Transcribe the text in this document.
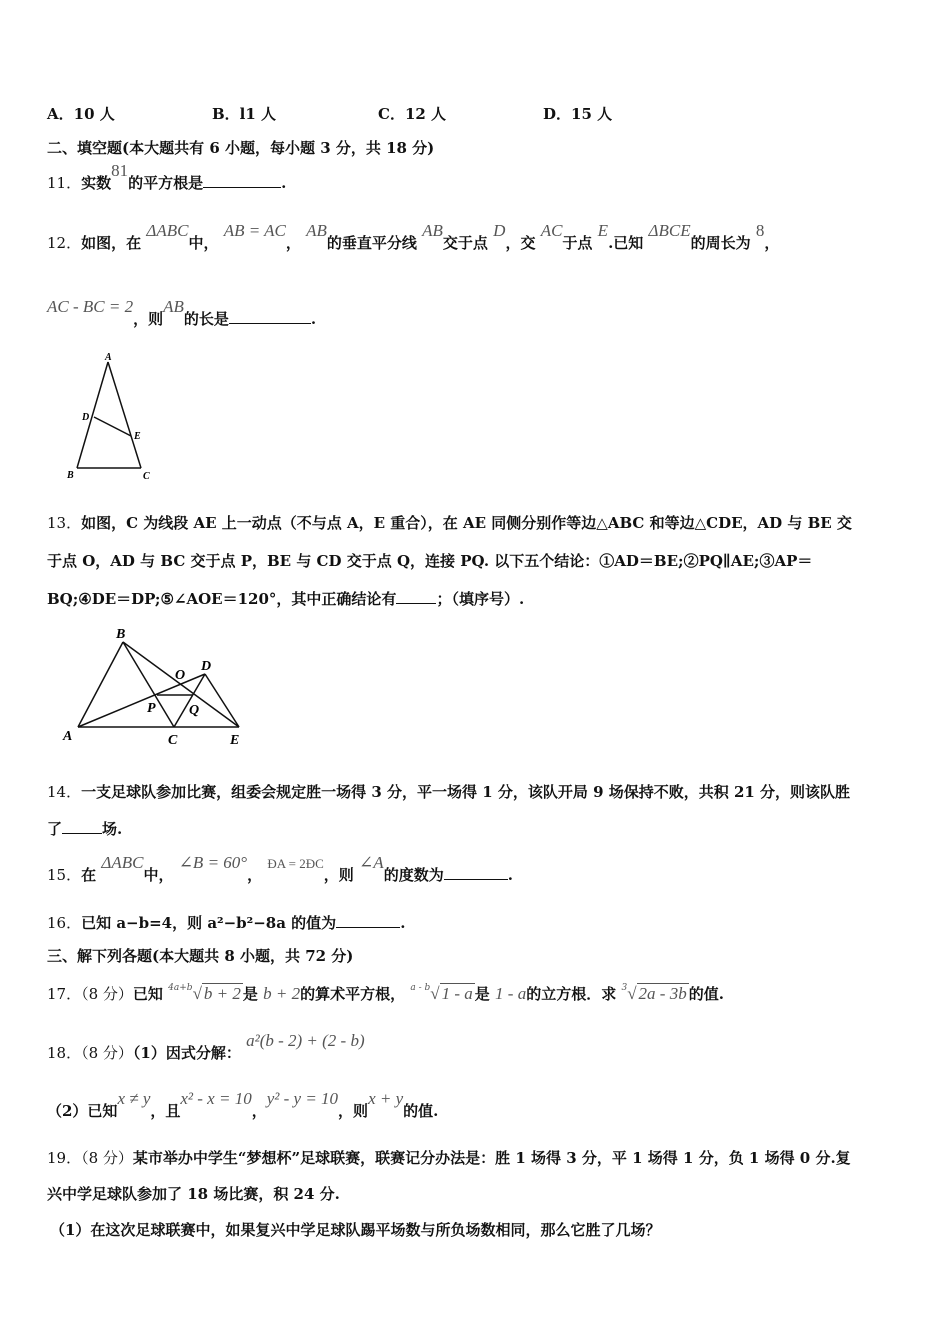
A．10 人	B．l1 人	C．12 人	D．15 人
二、填空题(本大题共有 6 小题，每小题 3 分，共 18 分)
11．实数81的平方根是	.
12．如图，在 ΔABC中， AB = AC， AB的垂直平分线 AB交于点 D，交 AC于点 E.已知 ΔBCE的周长为 8，
AC - BC = 2，则AB的长是	.
A
D
E
B	C
13．如图，C 为线段 AE 上一动点（不与点 A，E 重合），在 AE 同侧分别作等边△ABC 和等边△CDE，AD 与 BE 交
于点 O，AD 与 BC 交于点 P，BE 与 CD 交于点 Q，连接 PQ. 以下五个结论：①AD＝BE;②PQ∥AE;③AP＝
BQ;④DE＝DP;⑤∠AOE＝120°，其中正确结论有	；（填序号）.
B
O
D
P Q
A	C	E
14．一支足球队参加比赛，组委会规定胜一场得 3 分，平一场得 1 分，该队开局 9 场保持不败，共积 21 分，则该队胜
了	场.
15．在 ΔABC中， ∠B = 60°， ÐA = 2ÐC，则 ∠A的度数为	.
16．已知 a−b=4，则 a²−b²−8a 的值为	.
三、解下列各题(本大题共 8 小题，共 72 分)
17．（8 分）已知 $^{4a+b}$√ b + 2 是 b + 2的算术平方根， $^{a - b}$√ 1 - a 是 1 - a的立方根．求 $^3$√ 2a - 3b 的值.
18．（8 分）（1）因式分解： a²(b - 2) + (2 - b)
（2）已知x ≠ y，且x² - x = 10，y² - y = 10，则x + y的值.
19．（8 分）某市举办中学生“梦想杯”足球联赛，联赛记分办法是：胜 1 场得 3 分，平 1 场得 1 分，负 1 场得 0 分.复
兴中学足球队参加了 18 场比赛，积 24 分.
（1）在这次足球联赛中，如果复兴中学足球队踢平场数与所负场数相同，那么它胜了几场？
